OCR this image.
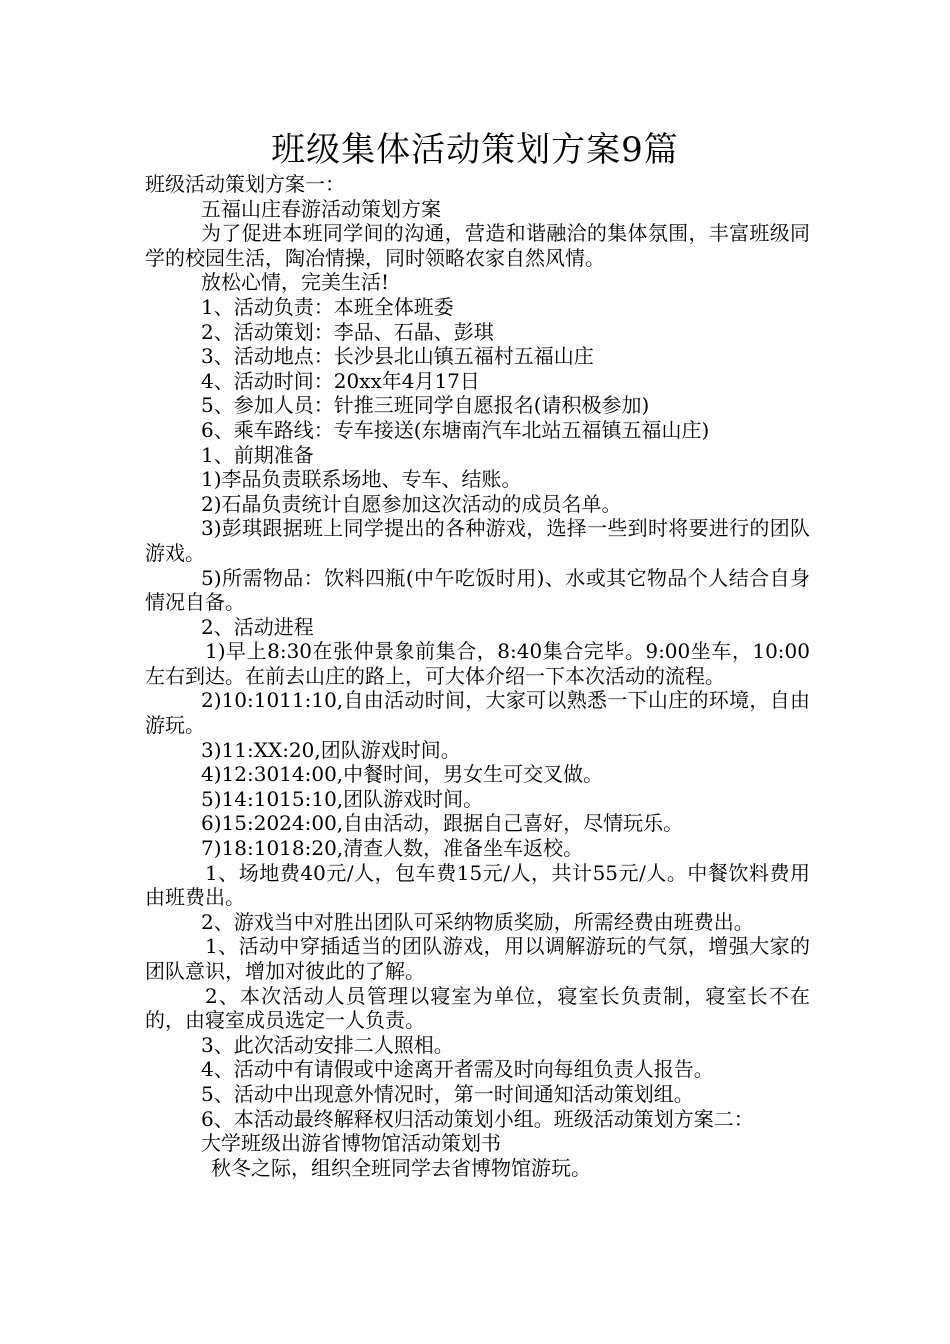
班级集体活动策划方案9篇

班级活动策划方案一：

五福山庄春游活动策划方案

为了促进本班同学间的沟通，营造和谐融洽的集体氛围，丰富班级同学的校园生活，陶冶情操，同时领略农家自然风情。

放松心情，完美生活!

1、活动负责：本班全体班委

2、活动策划：李品、石晶、彭琪

3、活动地点：长沙县北山镇五福村五福山庄

4、活动时间：20xx年4月17日

5、参加人员：针推三班同学自愿报名(请积极参加)

6、乘车路线：专车接送(东塘南汽车北站五福镇五福山庄)

1、前期准备

1)李品负责联系场地、专车、结账。

2)石晶负责统计自愿参加这次活动的成员名单。

3)彭琪跟据班上同学提出的各种游戏，选择一些到时将要进行的团队游戏。

5)所需物品：饮料四瓶(中午吃饭时用)、水或其它物品个人结合自身情况自备。

2、活动进程

1)早上8:30在张仲景象前集合，8:40集合完毕。9:00坐车，10:00左右到达。在前去山庄的路上，可大体介绍一下本次活动的流程。

2)10:1011:10,自由活动时间，大家可以熟悉一下山庄的环境，自由游玩。

3)11:XX:20,团队游戏时间。

4)12:3014:00,中餐时间，男女生可交叉做。

5)14:1015:10,团队游戏时间。

6)15:2024:00,自由活动，跟据自己喜好，尽情玩乐。

7)18:1018:20,清查人数，准备坐车返校。

1、场地费40元/人，包车费15元/人，共计55元/人。中餐饮料费用由班费出。

2、游戏当中对胜出团队可采纳物质奖励，所需经费由班费出。

1、活动中穿插适当的团队游戏，用以调解游玩的气氛，增强大家的团队意识，增加对彼此的了解。

2、本次活动人员管理以寝室为单位，寝室长负责制，寝室长不在的，由寝室成员选定一人负责。

3、此次活动安排二人照相。

4、活动中有请假或中途离开者需及时向每组负责人报告。

5、活动中出现意外情况时，第一时间通知活动策划组。

6、本活动最终解释权归活动策划小组。班级活动策划方案二：

大学班级出游省博物馆活动策划书

秋冬之际，组织全班同学去省博物馆游玩。
